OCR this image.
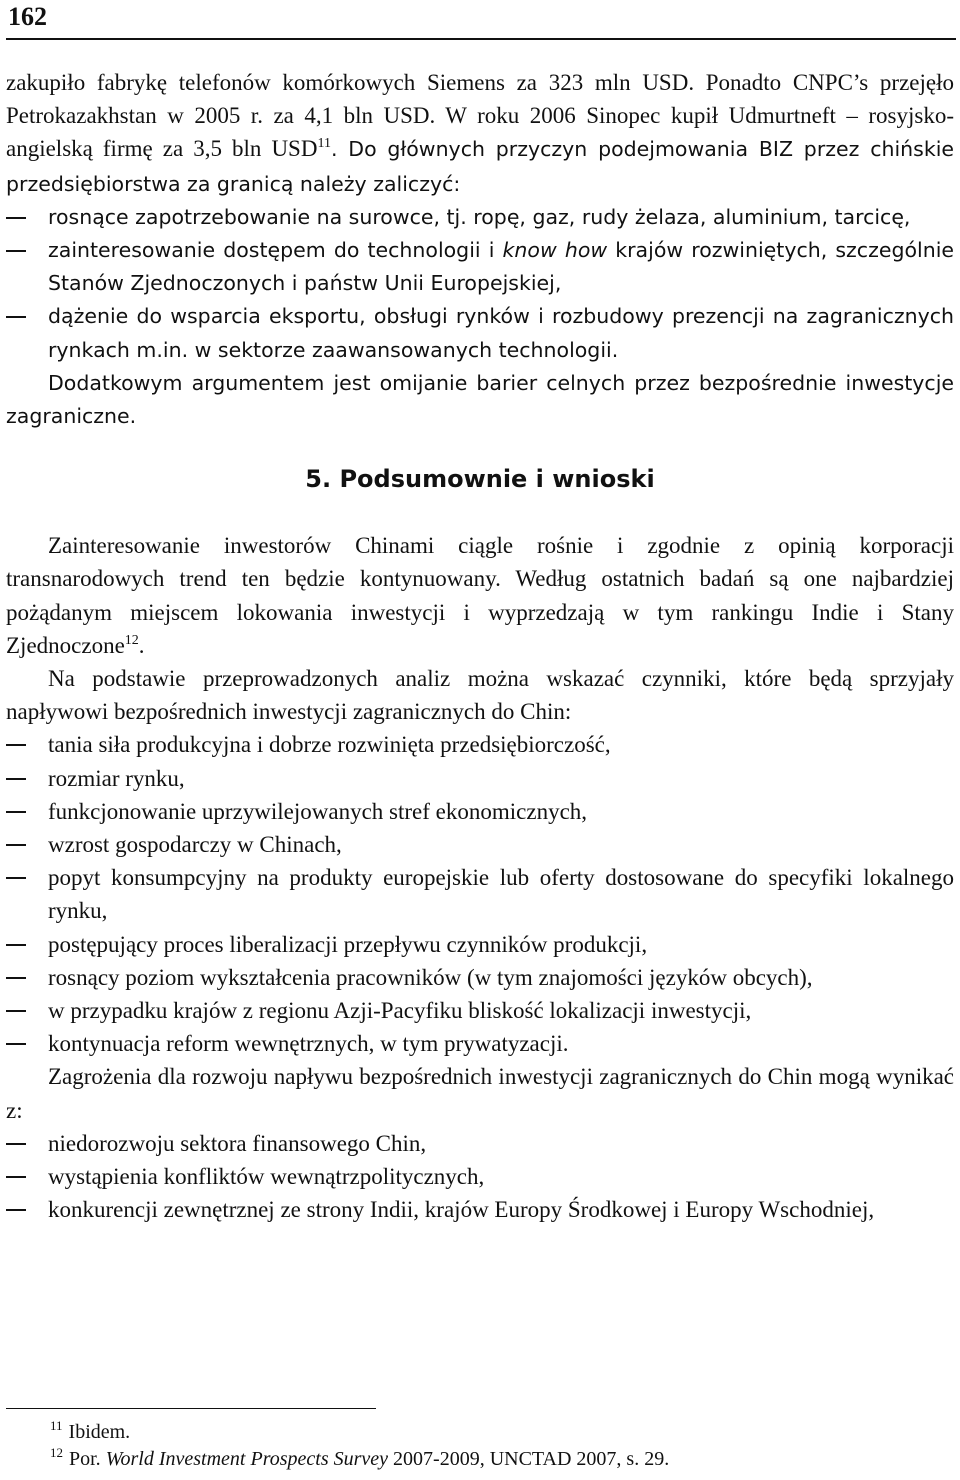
162

zakupiło fabrykę telefonów komórkowych Siemens za 323 mln USD. Ponadto CNPC’s przejęło Petrokazakhstan w 2005 r. za 4,1 bln USD. W roku 2006 Sinopec kupił Udmurtneft – rosyjsko-angielską firmę za 3,5 bln USD$^{11}$. Do głównych przyczyn podejmowania BIZ przez chińskie przedsiębiorstwa za granicą należy zaliczyć:

rosnące zapotrzebowanie na surowce, tj. ropę, gaz, rudy żelaza, aluminium, tarcicę,
zainteresowanie dostępem do technologii i know how krajów rozwiniętych, szczególnie Stanów Zjednoczonych i państw Unii Europejskiej,
dążenie do wsparcia eksportu, obsługi rynków i rozbudowy prezencji na zagranicznych rynkach m.in. w sektorze zaawansowanych technologii.

Dodatkowym argumentem jest omijanie barier celnych przez bezpośrednie inwestycje zagraniczne.

5. Podsumownie i wnioski

Zainteresowanie inwestorów Chinami ciągle rośnie i zgodnie z opinią korporacji transnarodowych trend ten będzie kontynuowany. Według ostatnich badań są one najbardziej pożądanym miejscem lokowania inwestycji i wyprzedzają w tym rankingu Indie i Stany Zjednoczone$^{12}$.

Na podstawie przeprowadzonych analiz można wskazać czynniki, które będą sprzyjały napływowi bezpośrednich inwestycji zagranicznych do Chin:

tania siła produkcyjna i dobrze rozwinięta przedsiębiorczość,
rozmiar rynku,
funkcjonowanie uprzywilejowanych stref ekonomicznych,
wzrost gospodarczy w Chinach,
popyt konsumpcyjny na produkty europejskie lub oferty dostosowane do specyfiki lokalnego rynku,
postępujący proces liberalizacji przepływu czynników produkcji,
rosnący poziom wykształcenia pracowników (w tym znajomości języków obcych),
w przypadku krajów z regionu Azji-Pacyfiku bliskość lokalizacji inwestycji,
kontynuacja reform wewnętrznych, w tym prywatyzacji.

Zagrożenia dla rozwoju napływu bezpośrednich inwestycji zagranicznych do Chin mogą wynikać z:

niedorozwoju sektora finansowego Chin,
wystąpienia konfliktów wewnątrzpolitycznych,
konkurencji zewnętrznej ze strony Indii, krajów Europy Środkowej i Europy Wschodniej,

$^{11}$ Ibidem.

$^{12}$ Por. World Investment Prospects Survey 2007-2009, UNCTAD 2007, s. 29.
